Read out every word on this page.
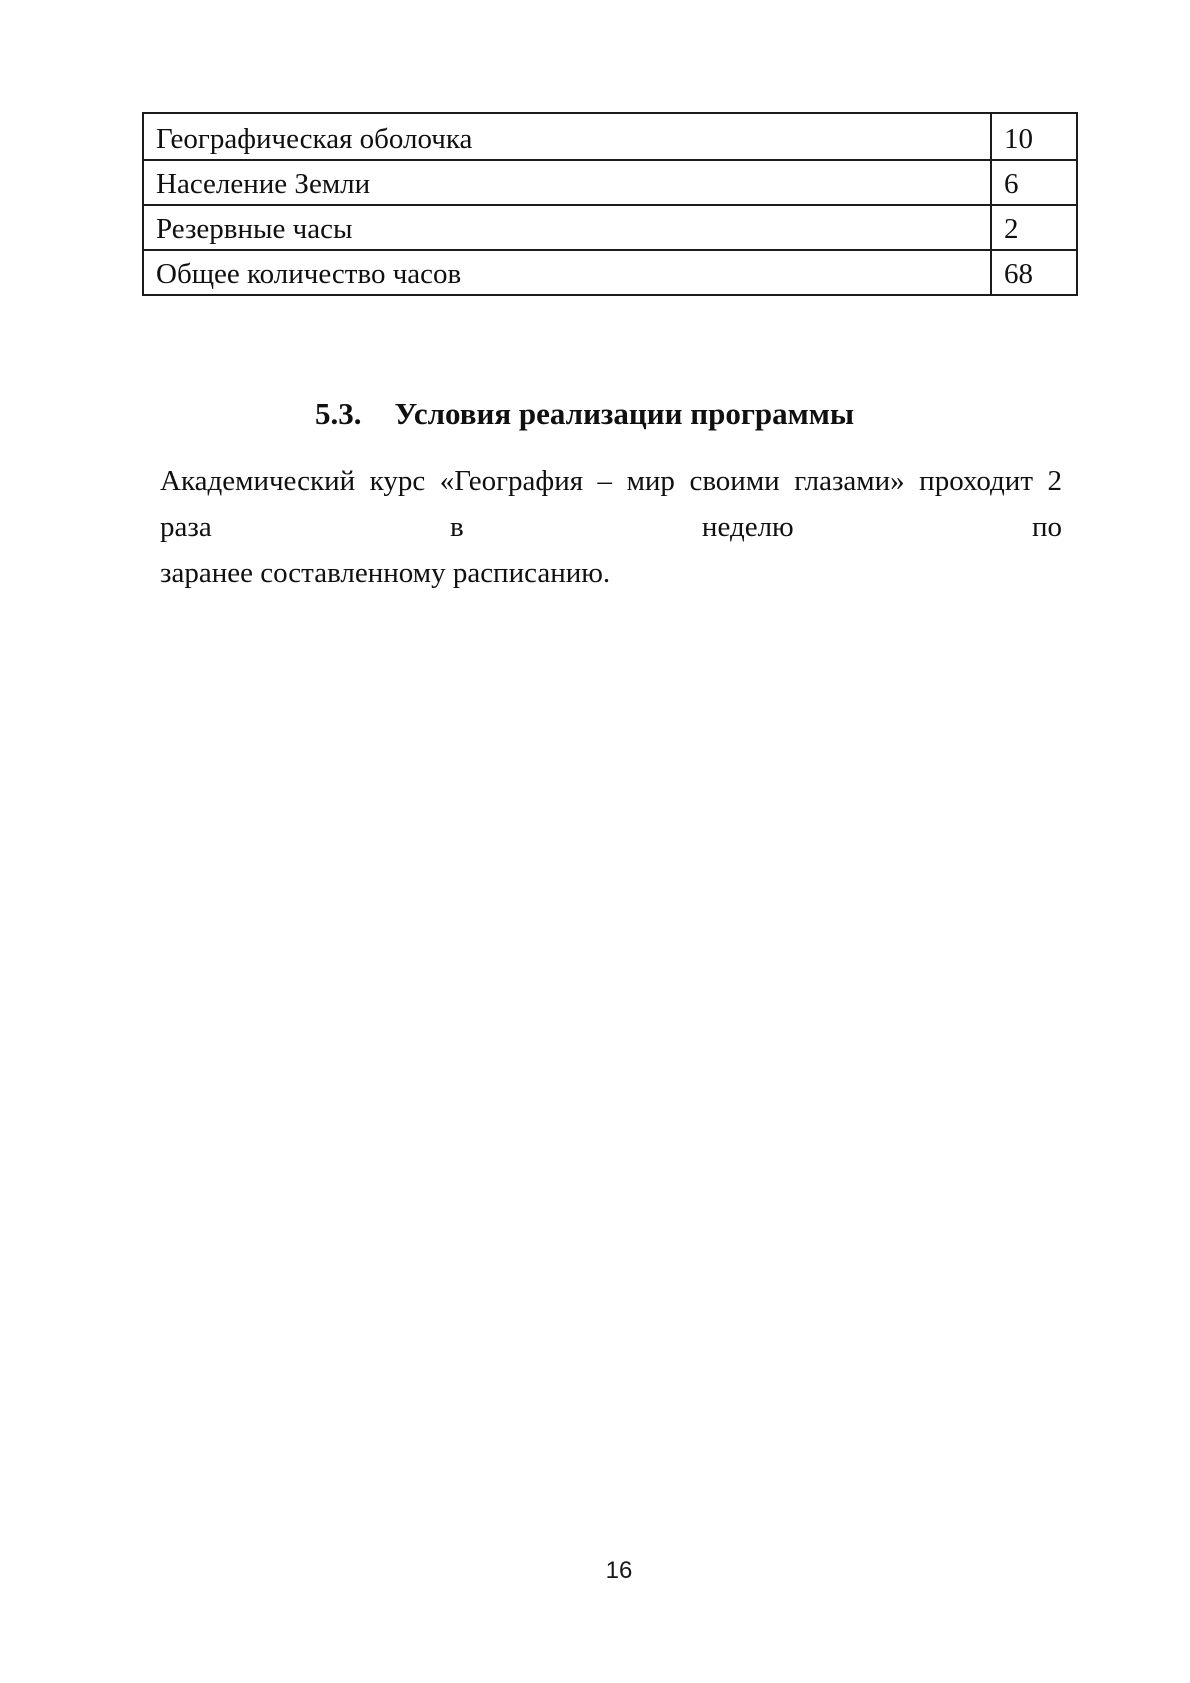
Географическая оболочка	10
Население Земли	6
Резервные часы	2
Общее количество часов	68
5.3. Условия реализации программы
Академический курс «География – мир своими глазами» проходит 2 раза в неделю по
заранее составленному расписанию.
16
